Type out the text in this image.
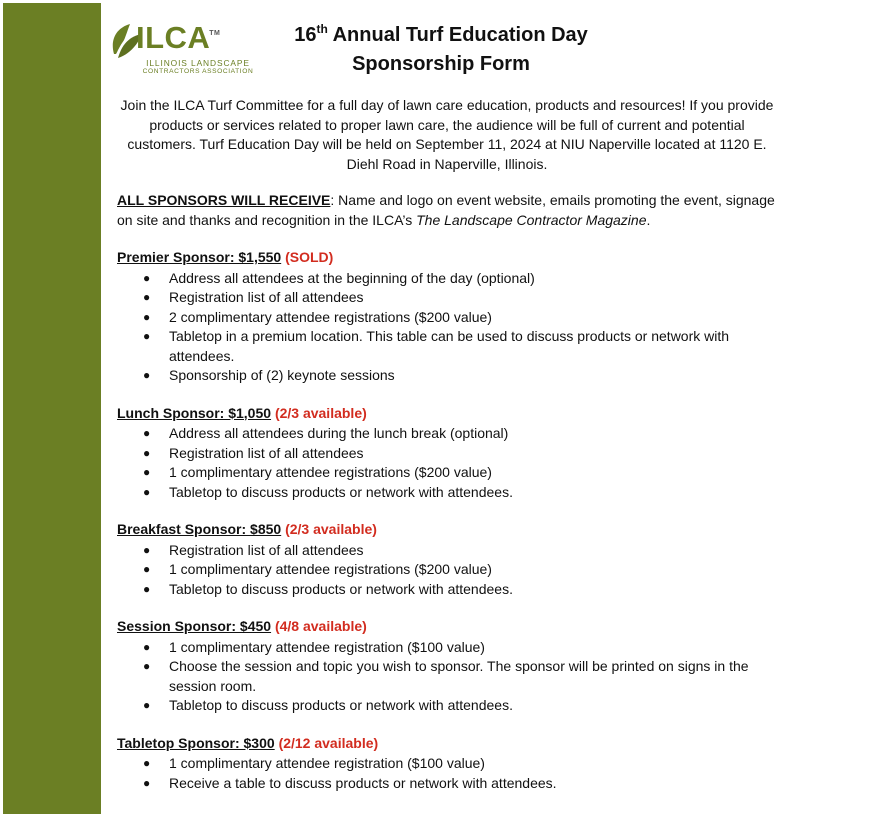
ILCA
TM
ILLINOIS LANDSCAPE
CONTRACTORS ASSOCIATION
16th Annual Turf Education Day
Sponsorship Form

Join the ILCA Turf Committee for a full day of lawn care education, products and resources! If you provide products or services related to proper lawn care, the audience will be full of current and potential customers. Turf Education Day will be held on September 11, 2024 at NIU Naperville located at 1120 E. Diehl Road in Naperville, Illinois.

ALL SPONSORS WILL RECEIVE: Name and logo on event website, emails promoting the event, signage on site and thanks and recognition in the ILCA’s The Landscape Contractor Magazine.

Premier Sponsor: $1,550 (SOLD)

● Address all attendees at the beginning of the day (optional)
● Registration list of all attendees
● 2 complimentary attendee registrations ($200 value)
● Tabletop in a premium location. This table can be used to discuss products or network with attendees.
● Sponsorship of (2) keynote sessions

Lunch Sponsor: $1,050 (2/3 available)

● Address all attendees during the lunch break (optional)
● Registration list of all attendees
● 1 complimentary attendee registrations ($200 value)
● Tabletop to discuss products or network with attendees.

Breakfast Sponsor: $850 (2/3 available)

● Registration list of all attendees
● 1 complimentary attendee registrations ($200 value)
● Tabletop to discuss products or network with attendees.

Session Sponsor: $450 (4/8 available)

● 1 complimentary attendee registration ($100 value)
● Choose the session and topic you wish to sponsor. The sponsor will be printed on signs in the session room.
● Tabletop to discuss products or network with attendees.

Tabletop Sponsor: $300 (2/12 available)

● 1 complimentary attendee registration ($100 value)
● Receive a table to discuss products or network with attendees.
